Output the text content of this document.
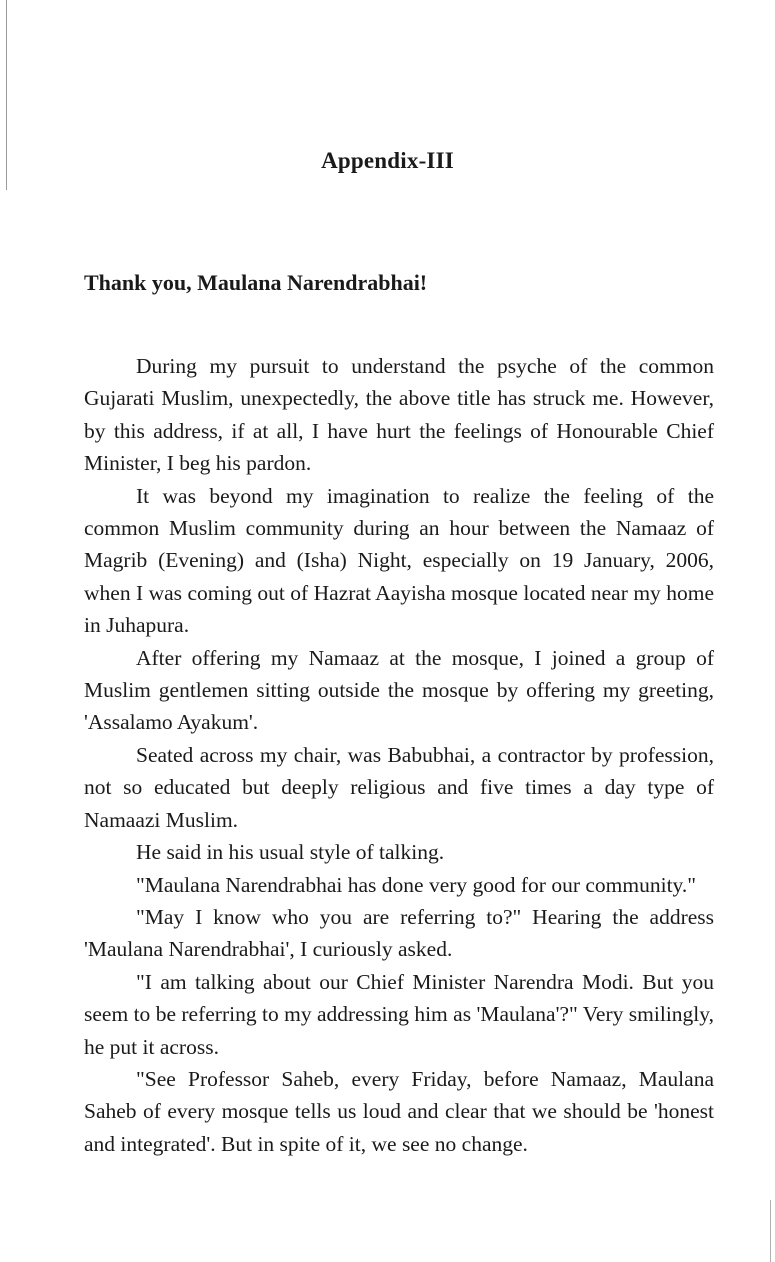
Appendix-III
Thank you, Maulana Narendrabhai!

During my pursuit to understand the psyche of the common Gujarati Muslim, unexpectedly, the above title has struck me. However, by this address, if at all, I have hurt the feelings of Honourable Chief Minister, I beg his pardon.

It was beyond my imagination to realize the feeling of the common Muslim community during an hour between the Namaaz of Magrib (Evening) and (Isha) Night, especially on 19 January, 2006, when I was coming out of Hazrat Aayisha mosque located near my home in Juhapura.

After offering my Namaaz at the mosque, I joined a group of Muslim gentlemen sitting outside the mosque by offering my greeting, 'Assalamo Ayakum'.

Seated across my chair, was Babubhai, a contractor by profession, not so educated but deeply religious and five times a day type of Namaazi Muslim.

He said in his usual style of talking.

"Maulana Narendrabhai has done very good for our community."

"May I know who you are referring to?" Hearing the address 'Maulana Narendrabhai', I curiously asked.

"I am talking about our Chief Minister Narendra Modi. But you seem to be referring to my addressing him as 'Maulana'?" Very smilingly, he put it across.

"See Professor Saheb, every Friday, before Namaaz, Maulana Saheb of every mosque tells us loud and clear that we should be 'honest and integrated'. But in spite of it, we see no change.
